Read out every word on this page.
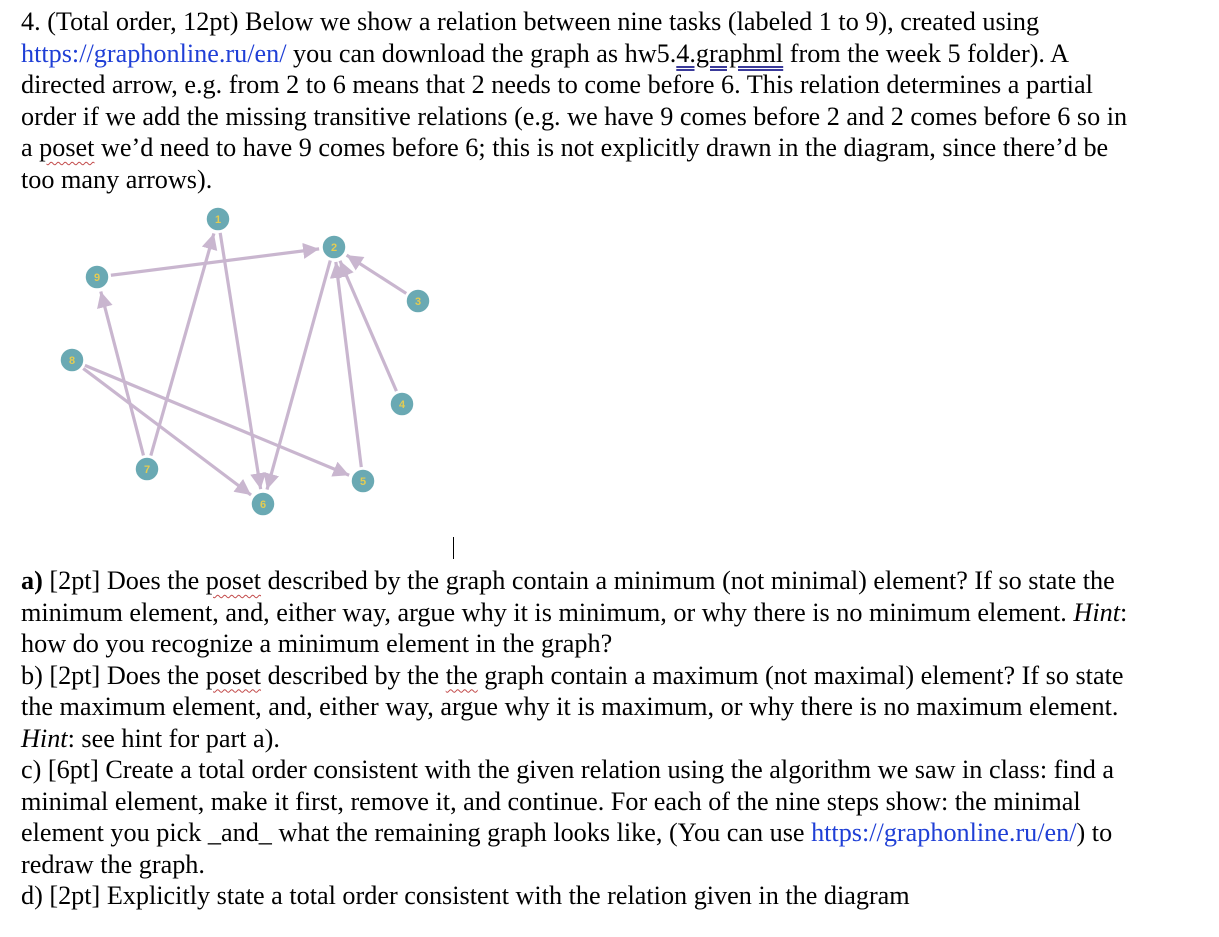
4. (Total order, 12pt) Below we show a relation between nine tasks (labeled 1 to 9), created using
https://graphonline.ru/en/ you can download the graph as hw5.4.graphml from the week 5 folder). A
directed arrow, e.g. from 2 to 6 means that 2 needs to come before 6. This relation determines a partial
order if we add the missing transitive relations (e.g. we have 9 comes before 2 and 2 comes before 6 so in
a poset we’d need to have 9 comes before 6; this is not explicitly drawn in the diagram, since there’d be
too many arrows).
1
2
3
4
5
6
7
8
9
a) [2pt] Does the poset described by the graph contain a minimum (not minimal) element? If so state the
minimum element, and, either way, argue why it is minimum, or why there is no minimum element. Hint:
how do you recognize a minimum element in the graph?
b) [2pt] Does the poset described by the the graph contain a maximum (not maximal) element? If so state
the maximum element, and, either way, argue why it is maximum, or why there is no maximum element.
Hint: see hint for part a).
c) [6pt] Create a total order consistent with the given relation using the algorithm we saw in class: find a
minimal element, make it first, remove it, and continue. For each of the nine steps show: the minimal
element you pick _and_ what the remaining graph looks like, (You can use https://graphonline.ru/en/) to
redraw the graph.
d) [2pt] Explicitly state a total order consistent with the relation given in the diagram
